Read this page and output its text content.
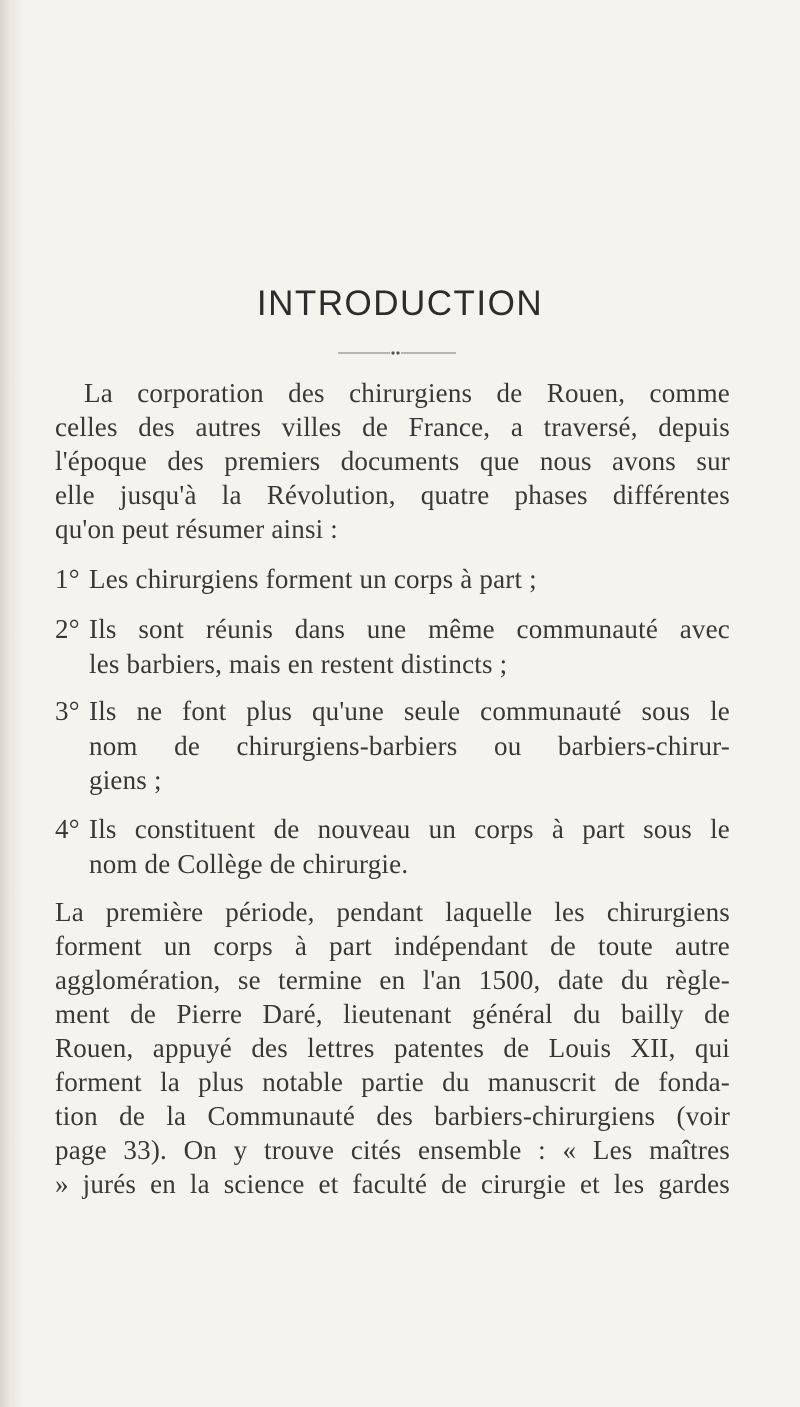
INTRODUCTION
La corporation des chirurgiens de Rouen, comme
celles des autres villes de France, a traversé, depuis
l'époque des premiers documents que nous avons sur
elle jusqu'à la Révolution, quatre phases différentes
qu'on peut résumer ainsi :
1° Les chirurgiens forment un corps à part ;
2° Ils sont réunis dans une même communauté avec
les barbiers, mais en restent distincts ;
3° Ils ne font plus qu'une seule communauté sous le
nom de chirurgiens-barbiers ou barbiers-chirur-
giens ;
4° Ils constituent de nouveau un corps à part sous le
nom de Collège de chirurgie.
La première période, pendant laquelle les chirurgiens
forment un corps à part indépendant de toute autre
agglomération, se termine en l'an 1500, date du règle-
ment de Pierre Daré, lieutenant général du bailly de
Rouen, appuyé des lettres patentes de Louis XII, qui
forment la plus notable partie du manuscrit de fonda-
tion de la Communauté des barbiers-chirurgiens (voir
page 33). On y trouve cités ensemble : « Les maîtres
» jurés en la science et faculté de cirurgie et les gardes
